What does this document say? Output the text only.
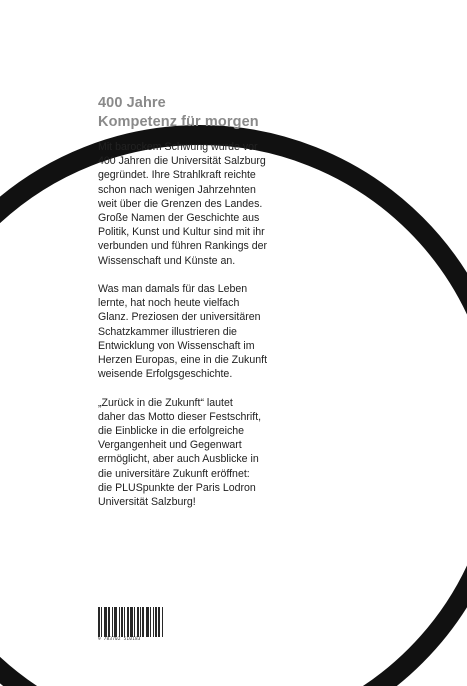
400 Jahre
Kompetenz für morgen

Mit barockem Schwung wurde vor
400 Jahren die Universität Salzburg
gegründet. Ihre Strahlkraft reichte
schon nach wenigen Jahrzehnten
weit über die Grenzen des Landes.
Große Namen der Geschichte aus
Politik, Kunst und Kultur sind mit ihr
verbunden und führen Rankings der
Wissenschaft und Künste an.

Was man damals für das Leben
lernte, hat noch heute vielfach
Glanz. Preziosen der universitären
Schatzkammer illustrieren die
Entwicklung von Wissenschaft im
Herzen Europas, eine in die Zukunft
weisende Erfolgsgeschichte.

„Zurück in die Zukunft“ lautet
daher das Motto dieser Festschrift,
die Einblicke in die erfolgreiche
Vergangenheit und Gegenwart
ermöglicht, aber auch Ausblicke in
die universitäre Zukunft eröffnet:
die PLUSpunkte der Paris Lodron
Universität Salzburg!

9 783702 510183
